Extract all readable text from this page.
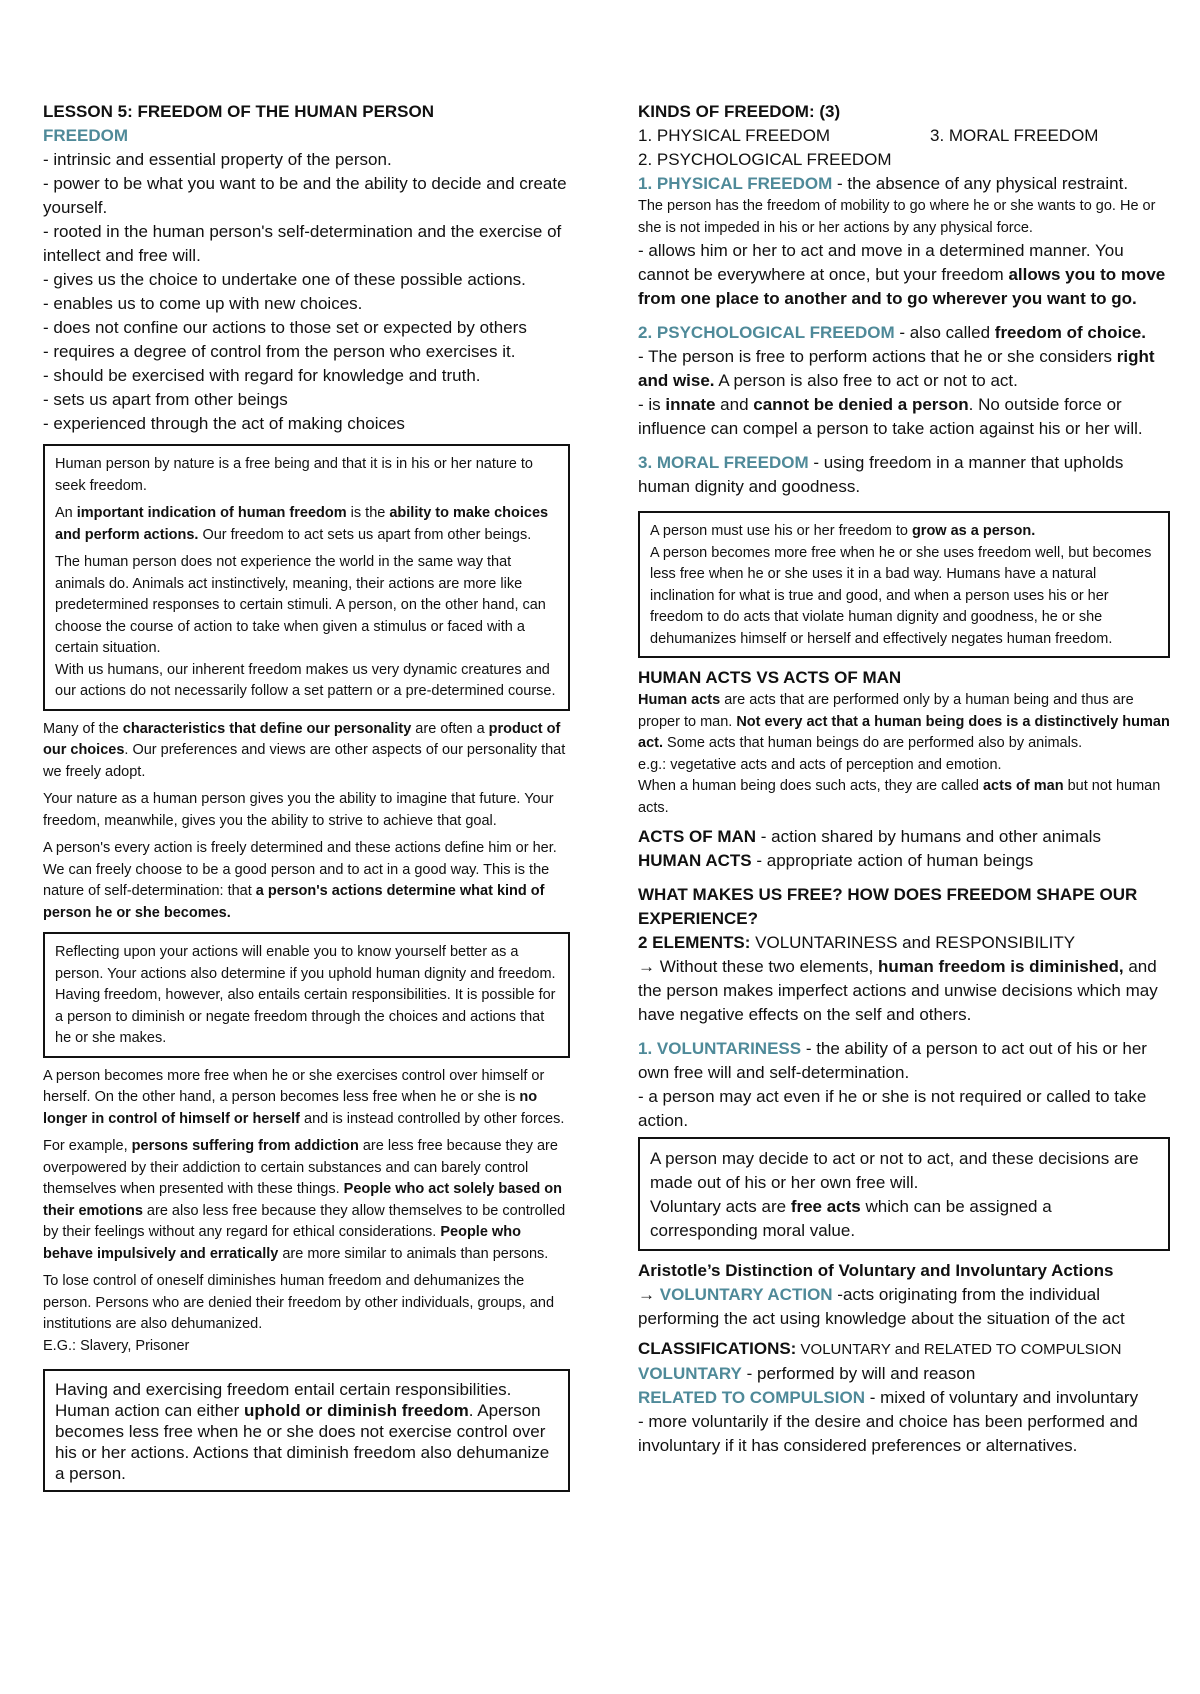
LESSON 5: FREEDOM OF THE HUMAN PERSON

FREEDOM

- intrinsic and essential property of the person.

- power to be what you want to be and the ability to decide and create yourself.

- rooted in the human person's self-determination and the exercise of intellect and free will.

- gives us the choice to undertake one of these possible actions.

- enables us to come up with new choices.

- does not confine our actions to those set or expected by others

- requires a degree of control from the person who exercises it.

- should be exercised with regard for knowledge and truth.

- sets us apart from other beings

- experienced through the act of making choices

Human person by nature is a free being and that it is in his or her nature to seek freedom.

An important indication of human freedom is the ability to make choices and perform actions. Our freedom to act sets us apart from other beings.

The human person does not experience the world in the same way that animals do. Animals act instinctively, meaning, their actions are more like predetermined responses to certain stimuli. A person, on the other hand, can choose the course of action to take when given a stimulus or faced with a certain situation.

With us humans, our inherent freedom makes us very dynamic creatures and our actions do not necessarily follow a set pattern or a pre-determined course.

Many of the characteristics that define our personality are often a product of our choices. Our preferences and views are other aspects of our personality that we freely adopt.

Your nature as a human person gives you the ability to imagine that future. Your freedom, meanwhile, gives you the ability to strive to achieve that goal.

A person's every action is freely determined and these actions define him or her. We can freely choose to be a good person and to act in a good way. This is the nature of self-determination: that a person's actions determine what kind of person he or she becomes.

Reflecting upon your actions will enable you to know yourself better as a person. Your actions also determine if you uphold human dignity and freedom. Having freedom, however, also entails certain responsibilities. It is possible for a person to diminish or negate freedom through the choices and actions that he or she makes.

A person becomes more free when he or she exercises control over himself or herself. On the other hand, a person becomes less free when he or she is no longer in control of himself or herself and is instead controlled by other forces.

For example, persons suffering from addiction are less free because they are overpowered by their addiction to certain substances and can barely control themselves when presented with these things. People who act solely based on their emotions are also less free because they allow themselves to be controlled by their feelings without any regard for ethical considerations. People who behave impulsively and erratically are more similar to animals than persons.

To lose control of oneself diminishes human freedom and dehumanizes the person. Persons who are denied their freedom by other individuals, groups, and institutions are also dehumanized.

E.G.: Slavery, Prisoner

Having and exercising freedom entail certain responsibilities. Human action can either uphold or diminish freedom. Aperson becomes less free when he or she does not exercise control over his or her actions. Actions that diminish freedom also dehumanize a person.

KINDS OF FREEDOM: (3)

1. PHYSICAL FREEDOM	3. MORAL FREEDOM

2. PSYCHOLOGICAL FREEDOM

1. PHYSICAL FREEDOM - the absence of any physical restraint.

The person has the freedom of mobility to go where he or she wants to go. He or she is not impeded in his or her actions by any physical force.

- allows him or her to act and move in a determined manner. You cannot be everywhere at once, but your freedom allows you to move from one place to another and to go wherever you want to go.

2. PSYCHOLOGICAL FREEDOM - also called freedom of choice.

- The person is free to perform actions that he or she considers right and wise. A person is also free to act or not to act.

- is innate and cannot be denied a person. No outside force or influence can compel a person to take action against his or her will.

3. MORAL FREEDOM - using freedom in a manner that upholds human dignity and goodness.

A person must use his or her freedom to grow as a person.

A person becomes more free when he or she uses freedom well, but becomes less free when he or she uses it in a bad way. Humans have a natural inclination for what is true and good, and when a person uses his or her freedom to do acts that violate human dignity and goodness, he or she dehumanizes himself or herself and effectively negates human freedom.

HUMAN ACTS VS ACTS OF MAN

Human acts are acts that are performed only by a human being and thus are proper to man. Not every act that a human being does is a distinctively human act. Some acts that human beings do are performed also by animals.

e.g.: vegetative acts and acts of perception and emotion.

When a human being does such acts, they are called acts of man but not human acts.

ACTS OF MAN - action shared by humans and other animals

HUMAN ACTS - appropriate action of human beings

WHAT MAKES US FREE? HOW DOES FREEDOM SHAPE OUR EXPERIENCE?

2 ELEMENTS: VOLUNTARINESS and RESPONSIBILITY

→ Without these two elements, human freedom is diminished, and the person makes imperfect actions and unwise decisions which may have negative effects on the self and others.

1. VOLUNTARINESS - the ability of a person to act out of his or her own free will and self-determination.

- a person may act even if he or she is not required or called to take action.

A person may decide to act or not to act, and these decisions are made out of his or her own free will.

Voluntary acts are free acts which can be assigned a corresponding moral value.

Aristotle’s Distinction of Voluntary and Involuntary Actions

→ VOLUNTARY ACTION -acts originating from the individual performing the act using knowledge about the situation of the act

CLASSIFICATIONS: VOLUNTARY and RELATED TO COMPULSION

VOLUNTARY - performed by will and reason

RELATED TO COMPULSION - mixed of voluntary and involuntary

- more voluntarily if the desire and choice has been performed and involuntary if it has considered preferences or alternatives.
